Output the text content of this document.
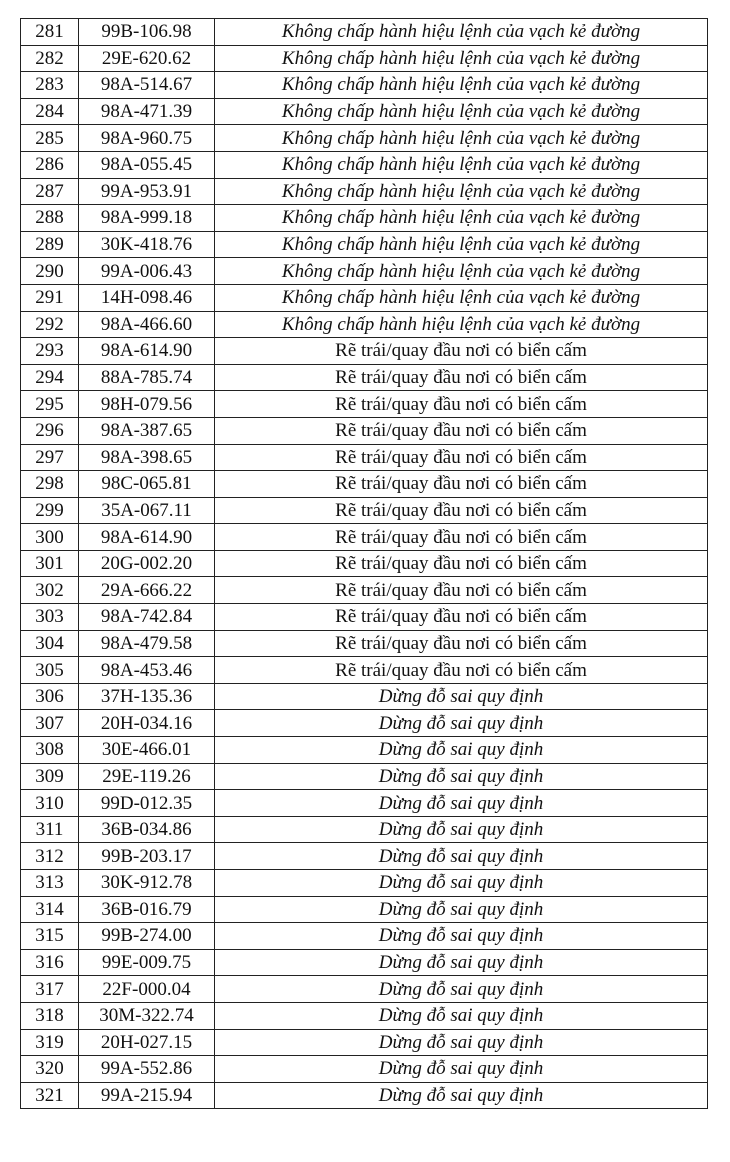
281	99B-106.98	Không chấp hành hiệu lệnh của vạch kẻ đường
282	29E-620.62	Không chấp hành hiệu lệnh của vạch kẻ đường
283	98A-514.67	Không chấp hành hiệu lệnh của vạch kẻ đường
284	98A-471.39	Không chấp hành hiệu lệnh của vạch kẻ đường
285	98A-960.75	Không chấp hành hiệu lệnh của vạch kẻ đường
286	98A-055.45	Không chấp hành hiệu lệnh của vạch kẻ đường
287	99A-953.91	Không chấp hành hiệu lệnh của vạch kẻ đường
288	98A-999.18	Không chấp hành hiệu lệnh của vạch kẻ đường
289	30K-418.76	Không chấp hành hiệu lệnh của vạch kẻ đường
290	99A-006.43	Không chấp hành hiệu lệnh của vạch kẻ đường
291	14H-098.46	Không chấp hành hiệu lệnh của vạch kẻ đường
292	98A-466.60	Không chấp hành hiệu lệnh của vạch kẻ đường
293	98A-614.90	Rẽ trái/quay đầu nơi có biển cấm
294	88A-785.74	Rẽ trái/quay đầu nơi có biển cấm
295	98H-079.56	Rẽ trái/quay đầu nơi có biển cấm
296	98A-387.65	Rẽ trái/quay đầu nơi có biển cấm
297	98A-398.65	Rẽ trái/quay đầu nơi có biển cấm
298	98C-065.81	Rẽ trái/quay đầu nơi có biển cấm
299	35A-067.11	Rẽ trái/quay đầu nơi có biển cấm
300	98A-614.90	Rẽ trái/quay đầu nơi có biển cấm
301	20G-002.20	Rẽ trái/quay đầu nơi có biển cấm
302	29A-666.22	Rẽ trái/quay đầu nơi có biển cấm
303	98A-742.84	Rẽ trái/quay đầu nơi có biển cấm
304	98A-479.58	Rẽ trái/quay đầu nơi có biển cấm
305	98A-453.46	Rẽ trái/quay đầu nơi có biển cấm
306	37H-135.36	Dừng đỗ sai quy định
307	20H-034.16	Dừng đỗ sai quy định
308	30E-466.01	Dừng đỗ sai quy định
309	29E-119.26	Dừng đỗ sai quy định
310	99D-012.35	Dừng đỗ sai quy định
311	36B-034.86	Dừng đỗ sai quy định
312	99B-203.17	Dừng đỗ sai quy định
313	30K-912.78	Dừng đỗ sai quy định
314	36B-016.79	Dừng đỗ sai quy định
315	99B-274.00	Dừng đỗ sai quy định
316	99E-009.75	Dừng đỗ sai quy định
317	22F-000.04	Dừng đỗ sai quy định
318	30M-322.74	Dừng đỗ sai quy định
319	20H-027.15	Dừng đỗ sai quy định
320	99A-552.86	Dừng đỗ sai quy định
321	99A-215.94	Dừng đỗ sai quy định
